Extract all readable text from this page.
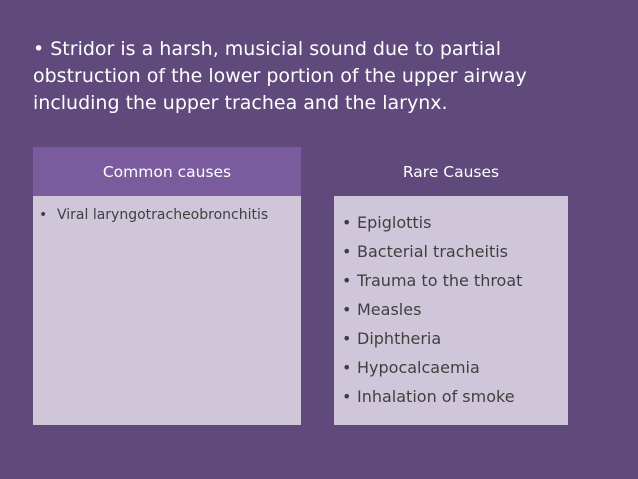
• Stridor is a harsh, musicial sound due to partial obstruction of the lower portion of the upper airway including the upper trachea and the larynx.

Common causes
• Viral laryngotracheobronchitis
Rare Causes
• Epiglottis
• Bacterial tracheitis
• Trauma to the throat
• Measles
• Diphtheria
• Hypocalcaemia
• Inhalation of smoke
